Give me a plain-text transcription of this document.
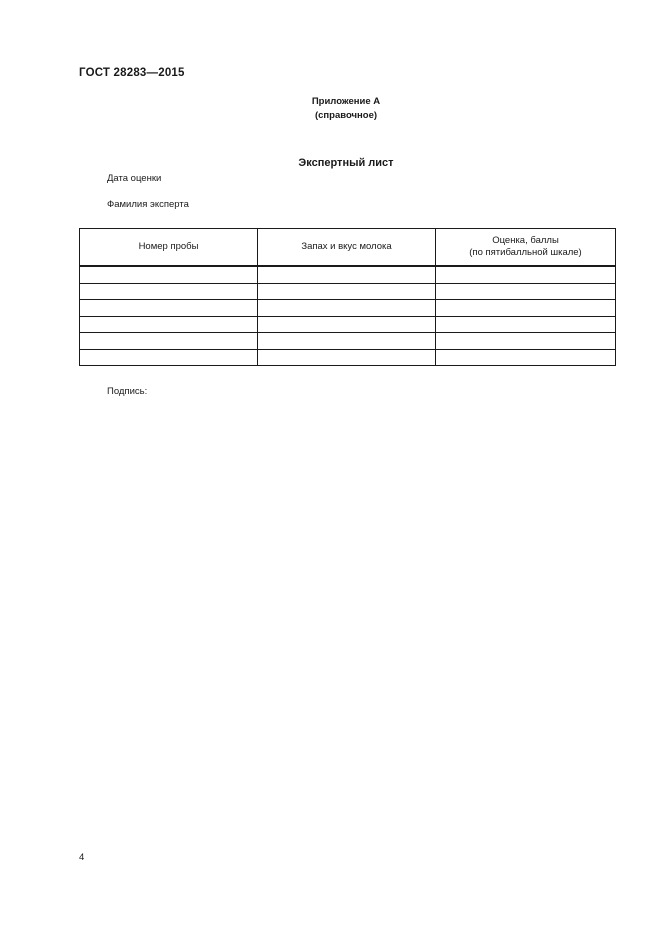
ГОСТ 28283—2015
Приложение А
(справочное)
Экспертный лист
Дата оценки
Фамилия эксперта
Номер пробы	Запах и вкус молока	Оценка, баллы
(по пятибалльной шкале)

Подпись:
4
